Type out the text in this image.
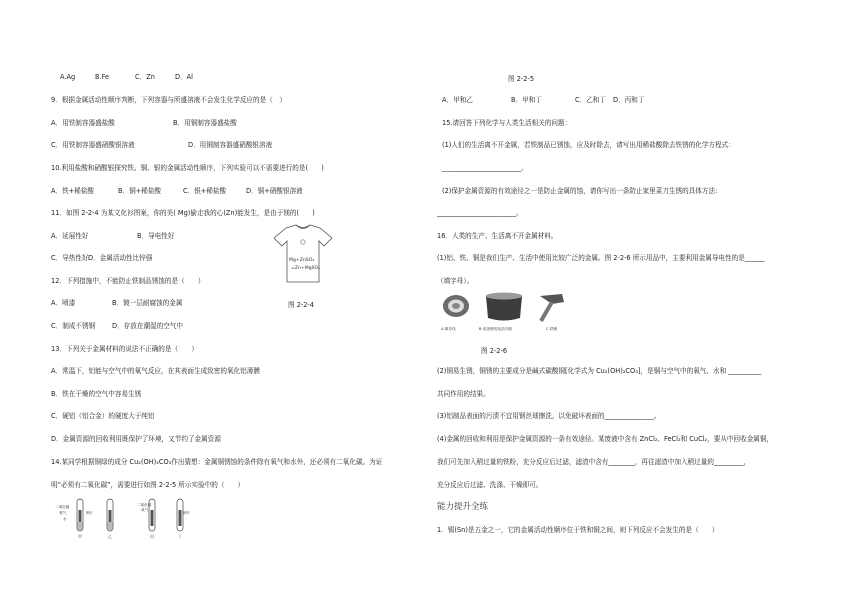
A.Ag	B.Fe	C．Zn	D．Al
9．根据金属活动性顺序判断，下列容器与所盛溶液不会发生化学反应的是（　）
A．用铁制容器盛盐酸	B．用铜制容器盛盐酸
C．用铁制容器盛硝酸银溶液	D．用铜制容器盛硝酸银溶液
10.利用盐酸和硝酸银探究铁、铜、银的金属活动性顺序，下列实验可以不需要进行的是(　　)
A．铁+稀盐酸	B．铜+稀盐酸	C．银+稀盐酸	D．铜+硝酸银溶液
11．如图 2-2-4 为某文化衫图案，你的美( Mg)偷走我的心(Zn)能发生，是由于镁的(　　)
A．延展性好	B．导电性好
C．导热性好 D．金属活动性比锌强	Mg+ZnSO₄
=Zn+MgSO₄
12．下列措施中，不能防止铁制品锈蚀的是（　　）
A．喷漆	B．镀一层耐腐蚀的金属	图 2-2-4
C．制成不锈钢	D．存放在潮湿的空气中
13．下列关于金属材料的说法不正确的是（　　）
A．常温下，铝能与空气中的氧气反应，在其表面生成致密的氧化铝薄膜
B．铁在干燥的空气中容易生锈
C．硬铝（铝合金）的硬度大于纯铝
D．金属资源的回收利用既保护了环境，又节约了金属资源
14.某同学根据铜绿的成分 Cu₂(OH)₂CO₃作出猜想：金属铜锈蚀的条件除有氧气和水外，还必须有二氧化碳。为证
明“必须有二氧化碳”，需要进行如图 2-2-5 所示实验中的（　　）
二氧化碳
氧气
水
铜片
二氧化碳
氧气
铜片
甲	乙	丙	丁
图 2-2-5
A．甲和乙	B．甲和丁	C．乙和丁 D．丙和丁
15.请回答下列化学与人类生活相关的问题：
(1)人们的生活离不开金属，若铁制品已锈蚀，应及时除去，请写出用稀盐酸除去铁锈的化学方程式：
________________________。
(2)保护金属资源的有效途径之一是防止金属的蚀，请你写出一条防止家里菜刀生锈的具体方法：
________________________。
16．人类的生产、生活离不开金属材料。
(1)铝、铁、铜是我们生产、生活中使用比较广泛的金属。图 2-2-6 所示用品中，主要利用金属导电性的是______
（填字母）。
A.铜导线	B.电饭煲的铝质内胆	C.铁锤
图 2-2-6
(2)铜易生锈，铜锈的主要成分是碱式碳酸铜[化学式为 Cu₂(OH)₂CO₃]，是铜与空气中的氧气、水和 __________
共同作用的结果。
(3)铝制品表面的污渍不宜用钢丝球擦洗，以免破坏表面的_______________。
(4)金属的回收和利用是保护金属资源的一条有效途径。某废液中含有 ZnCl₂、FeCl₂和 CuCl₂，要从中回收金属铜，
我们可先加入稍过量的铁粉，充分反应后过滤，滤渣中含有________，再往滤渣中加入稍过量的_________，
充分反应后过滤、洗涤、干燥即可。
能力提升全练
1．锡(Sn)是五金之一，它的金属活动性顺序位于铁和铜之间，则下列反应不会发生的是（　　）
